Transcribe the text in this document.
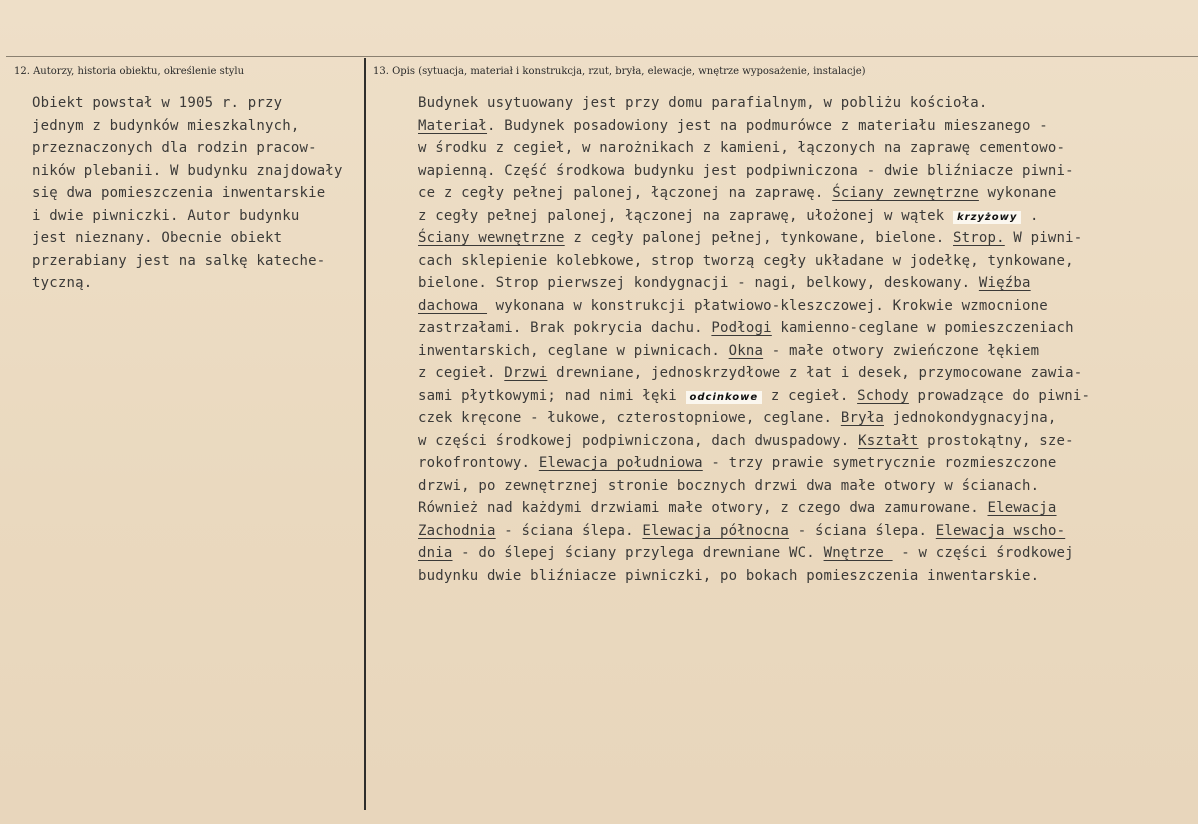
12. Autorzy, historia obiektu, określenie stylu	13. Opis (sytuacja, materiał i konstrukcja, rzut, bryła, elewacje, wnętrze wyposażenie, instalacje)
Obiekt powstał w 1905 r. przy
jednym z budynków mieszkalnych,
przeznaczonych dla rodzin pracow-
ników plebanii. W budynku znajdowały
się dwa pomieszczenia inwentarskie
i dwie piwniczki. Autor budynku
jest nieznany. Obecnie obiekt
przerabiany jest na salkę kateche-
tyczną.
Budynek usytuowany jest przy domu parafialnym, w pobliżu kościoła.
Materiał. Budynek posadowiony jest na podmurówce z materiału mieszanego -
w środku z cegieł, w narożnikach z kamieni, łączonych na zaprawę cementowo-
wapienną. Część środkowa budynku jest podpiwniczona - dwie bliźniacze piwni-
ce z cegły pełnej palonej, łączonej na zaprawę. Ściany zewnętrzne wykonane
z cegły pełnej palonej, łączonej na zaprawę, ułożonej w wątek krzyżowy .
Ściany wewnętrzne z cegły palonej pełnej, tynkowane, bielone. Strop. W piwni-
cach sklepienie kolebkowe, strop tworzą cegły układane w jodełkę, tynkowane,
bielone. Strop pierwszej kondygnacji - nagi, belkowy, deskowany. Więźba
dachowa  wykonana w konstrukcji płatwiowo-kleszczowej. Krokwie wzmocnione
zastrzałami. Brak pokrycia dachu. Podłogi kamienno-ceglane w pomieszczeniach
inwentarskich, ceglane w piwnicach. Okna - małe otwory zwieńczone łękiem
z cegieł. Drzwi drewniane, jednoskrzydłowe z łat i desek, przymocowane zawia-
sami płytkowymi; nad nimi łęki odcinkowe z cegieł. Schody prowadzące do piwni-
czek kręcone - łukowe, czterostopniowe, ceglane. Bryła jednokondygnacyjna,
w części środkowej podpiwniczona, dach dwuspadowy. Kształt prostokątny, sze-
rokofrontowy. Elewacja południowa - trzy prawie symetrycznie rozmieszczone
drzwi, po zewnętrznej stronie bocznych drzwi dwa małe otwory w ścianach.
Również nad każdymi drzwiami małe otwory, z czego dwa zamurowane. Elewacja
Zachodnia - ściana ślepa. Elewacja północna - ściana ślepa. Elewacja wscho-
dnia - do ślepej ściany przylega drewniane WC. Wnętrze  - w części środkowej
budynku dwie bliźniacze piwniczki, po bokach pomieszczenia inwentarskie.
